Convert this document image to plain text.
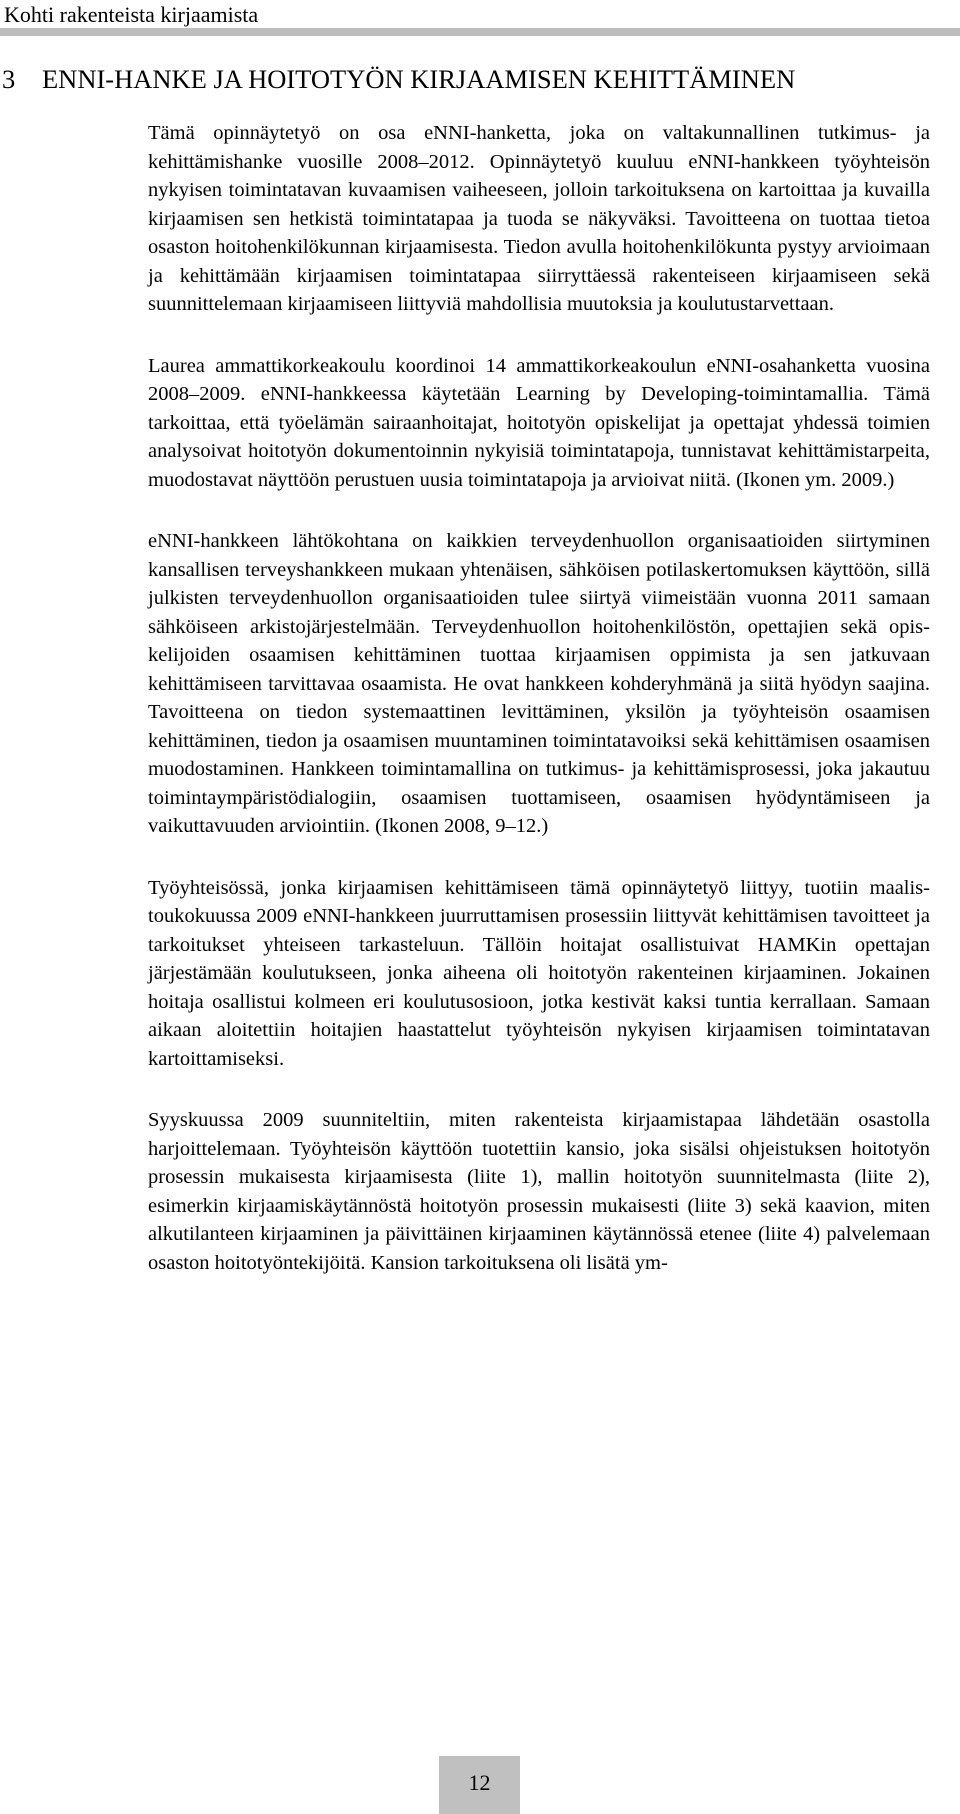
Kohti rakenteista kirjaamista
3 ENNI-HANKE JA HOITOTYÖN KIRJAAMISEN KEHITTÄMINEN

Tämä opinnäytetyö on osa eNNI-hanketta, joka on valtakunnallinen tutkimus- ja kehittämishanke vuosille 2008–2012. Opinnäytetyö kuuluu eNNI-hankkeen työyhteisön nykyisen toimintatavan kuvaamisen vaiheeseen, jolloin tarkoituksena on kartoittaa ja kuvailla kirjaamisen sen hetkistä toimintatapaa ja tuoda se näkyväksi. Tavoitteena on tuottaa tietoa osaston hoitohenkilökunnan kirjaamisesta. Tiedon avulla hoitohenkilökunta pystyy arvioimaan ja kehittämään kirjaamisen toimintatapaa siirryttäessä rakenteiseen kirjaamiseen sekä suunnittelemaan kirjaamiseen liittyviä mahdollisia muutoksia ja koulutustarvettaan.

Laurea ammattikorkeakoulu koordinoi 14 ammattikorkeakoulun eNNI-osahanketta vuosina 2008–2009. eNNI-hankkeessa käytetään Learning by Developing-toimintamallia. Tämä tarkoittaa, että työelämän sairaanhoitajat, hoitotyön opiskelijat ja opettajat yhdessä toimien analysoivat hoitotyön dokumentoinnin nykyisiä toimintatapoja, tunnistavat kehittämistarpeita, muodostavat näyttöön perustuen uusia toimintatapoja ja arvioivat niitä. (Ikonen ym. 2009.)

eNNI-hankkeen lähtökohtana on kaikkien terveydenhuollon organisaatioiden siirtyminen kansallisen terveyshankkeen mukaan yhtenäisen, sähköisen potilaskertomuksen käyttöön, sillä julkisten terveydenhuollon organisaatioiden tulee siirtyä viimeistään vuonna 2011 samaan sähköiseen arkistojärjestelmään. Terveydenhuollon hoitohenkilöstön, opettajien sekä opiskelijoiden osaamisen kehittäminen tuottaa kirjaamisen oppimista ja sen jatkuvaan kehittämiseen tarvittavaa osaamista. He ovat hankkeen kohderyhmänä ja siitä hyödyn saajina. Tavoitteena on tiedon systemaattinen levittäminen, yksilön ja työyhteisön osaamisen kehittäminen, tiedon ja osaamisen muuntaminen toimintatavoiksi sekä kehittämisen osaamisen muodostaminen. Hankkeen toimintamallina on tutkimus- ja kehittämisprosessi, joka jakautuu toimintaympäristödialogiin, osaamisen tuottamiseen, osaamisen hyödyntämiseen ja vaikuttavuuden arviointiin. (Ikonen 2008, 9–12.)

Työyhteisössä, jonka kirjaamisen kehittämiseen tämä opinnäytetyö liittyy, tuotiin maalis-toukokuussa 2009 eNNI-hankkeen juurruttamisen prosessiin liittyvät kehittämisen tavoitteet ja tarkoitukset yhteiseen tarkasteluun. Tällöin hoitajat osallistuivat HAMKin opettajan järjestämään koulutukseen, jonka aiheena oli hoitotyön rakenteinen kirjaaminen. Jokainen hoitaja osallistui kolmeen eri koulutusosioon, jotka kestivät kaksi tuntia kerrallaan. Samaan aikaan aloitettiin hoitajien haastattelut työyhteisön nykyisen kirjaamisen toimintatavan kartoittamiseksi.

Syyskuussa 2009 suunniteltiin, miten rakenteista kirjaamistapaa lähdetään osastolla harjoittelemaan. Työyhteisön käyttöön tuotettiin kansio, joka sisälsi ohjeistuksen hoitotyön prosessin mukaisesta kirjaamisesta (liite 1), mallin hoitotyön suunnitelmasta (liite 2), esimerkin kirjaamiskäytännöstä hoitotyön prosessin mukaisesti (liite 3) sekä kaavion, miten alkutilanteen kirjaaminen ja päivittäinen kirjaaminen käytännössä etenee (liite 4) palvelemaan osaston hoitotyöntekijöitä. Kansion tarkoituksena oli lisätä ym-

12
